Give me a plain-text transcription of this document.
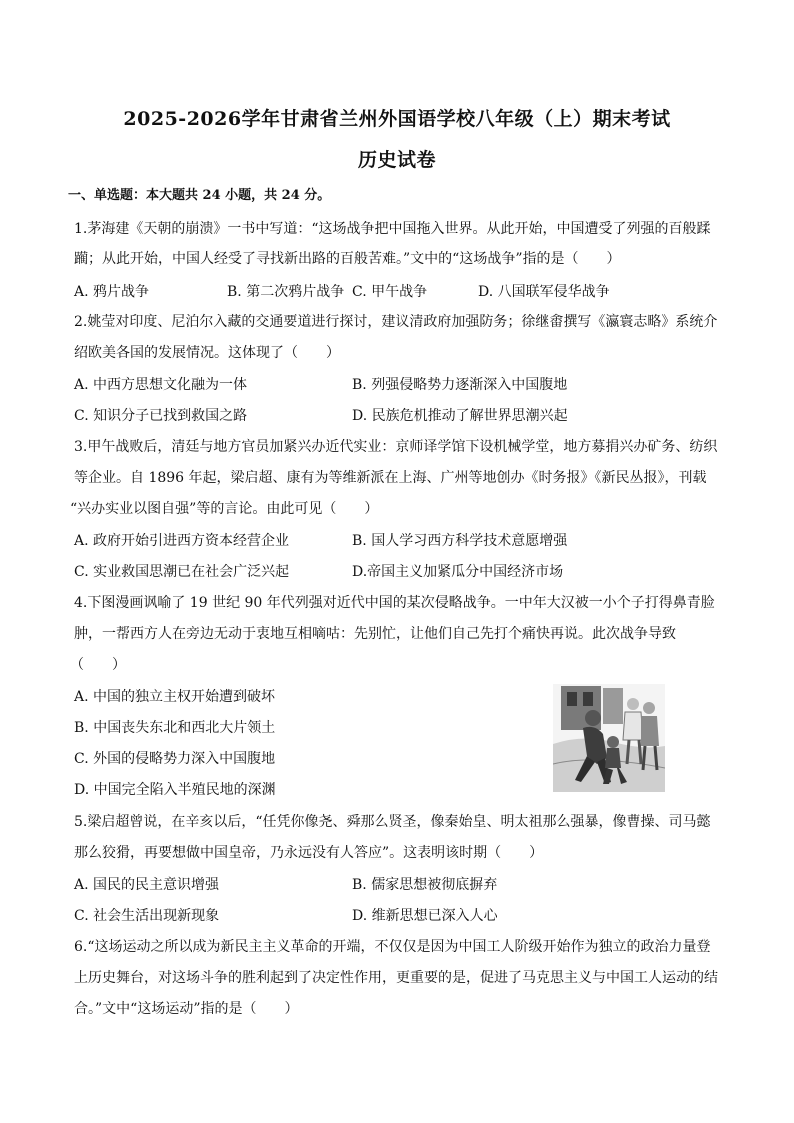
2025-2026学年甘肃省兰州外国语学校八年级（上）期末考试
历史试卷
一、单选题：本大题共 24 小题，共 24 分。
1.茅海建《天朝的崩溃》一书中写道：“这场战争把中国拖入世界。从此开始，中国遭受了列强的百般蹂
躏；从此开始，中国人经受了寻找新出路的百般苦难。”文中的“这场战争”指的是（　　）
A. 鸦片战争	B. 第二次鸦片战争 C. 甲午战争	D. 八国联军侵华战争
2.姚莹对印度、尼泊尔入藏的交通要道进行探讨，建议清政府加强防务；徐继畬撰写《瀛寰志略》系统介
绍欧美各国的发展情况。这体现了（　　）
A. 中西方思想文化融为一体	B. 列强侵略势力逐渐深入中国腹地
C. 知识分子已找到救国之路	D. 民族危机推动了解世界思潮兴起
3.甲午战败后，清廷与地方官员加紧兴办近代实业：京师译学馆下设机械学堂，地方募捐兴办矿务、纺织
等企业。自 1896 年起，梁启超、康有为等维新派在上海、广州等地创办《时务报》《新民丛报》，刊载
“兴办实业以图自强”等的言论。由此可见（　　）
A. 政府开始引进西方资本经营企业	B. 国人学习西方科学技术意愿增强
C. 实业救国思潮已在社会广泛兴起	D.帝国主义加紧瓜分中国经济市场
4.下图漫画讽喻了 19 世纪 90 年代列强对近代中国的某次侵略战争。一中年大汉被一小个子打得鼻青脸
肿，一帮西方人在旁边无动于衷地互相嘀咕：先别忙，让他们自己先打个痛快再说。此次战争导致
（　　）
A. 中国的独立主权开始遭到破坏
B. 中国丧失东北和西北大片领土
C. 外国的侵略势力深入中国腹地
D. 中国完全陷入半殖民地的深渊
5.梁启超曾说，在辛亥以后，“任凭你像尧、舜那么贤圣，像秦始皇、明太祖那么强暴，像曹操、司马懿
那么狡猾，再要想做中国皇帝，乃永远没有人答应”。这表明该时期（　　）
A. 国民的民主意识增强	B. 儒家思想被彻底摒弃
C. 社会生活出现新现象	D. 维新思想已深入人心
6.“这场运动之所以成为新民主主义革命的开端，不仅仅是因为中国工人阶级开始作为独立的政治力量登
上历史舞台，对这场斗争的胜利起到了决定性作用，更重要的是，促进了马克思主义与中国工人运动的结
合。”文中“这场运动”指的是（　　）
